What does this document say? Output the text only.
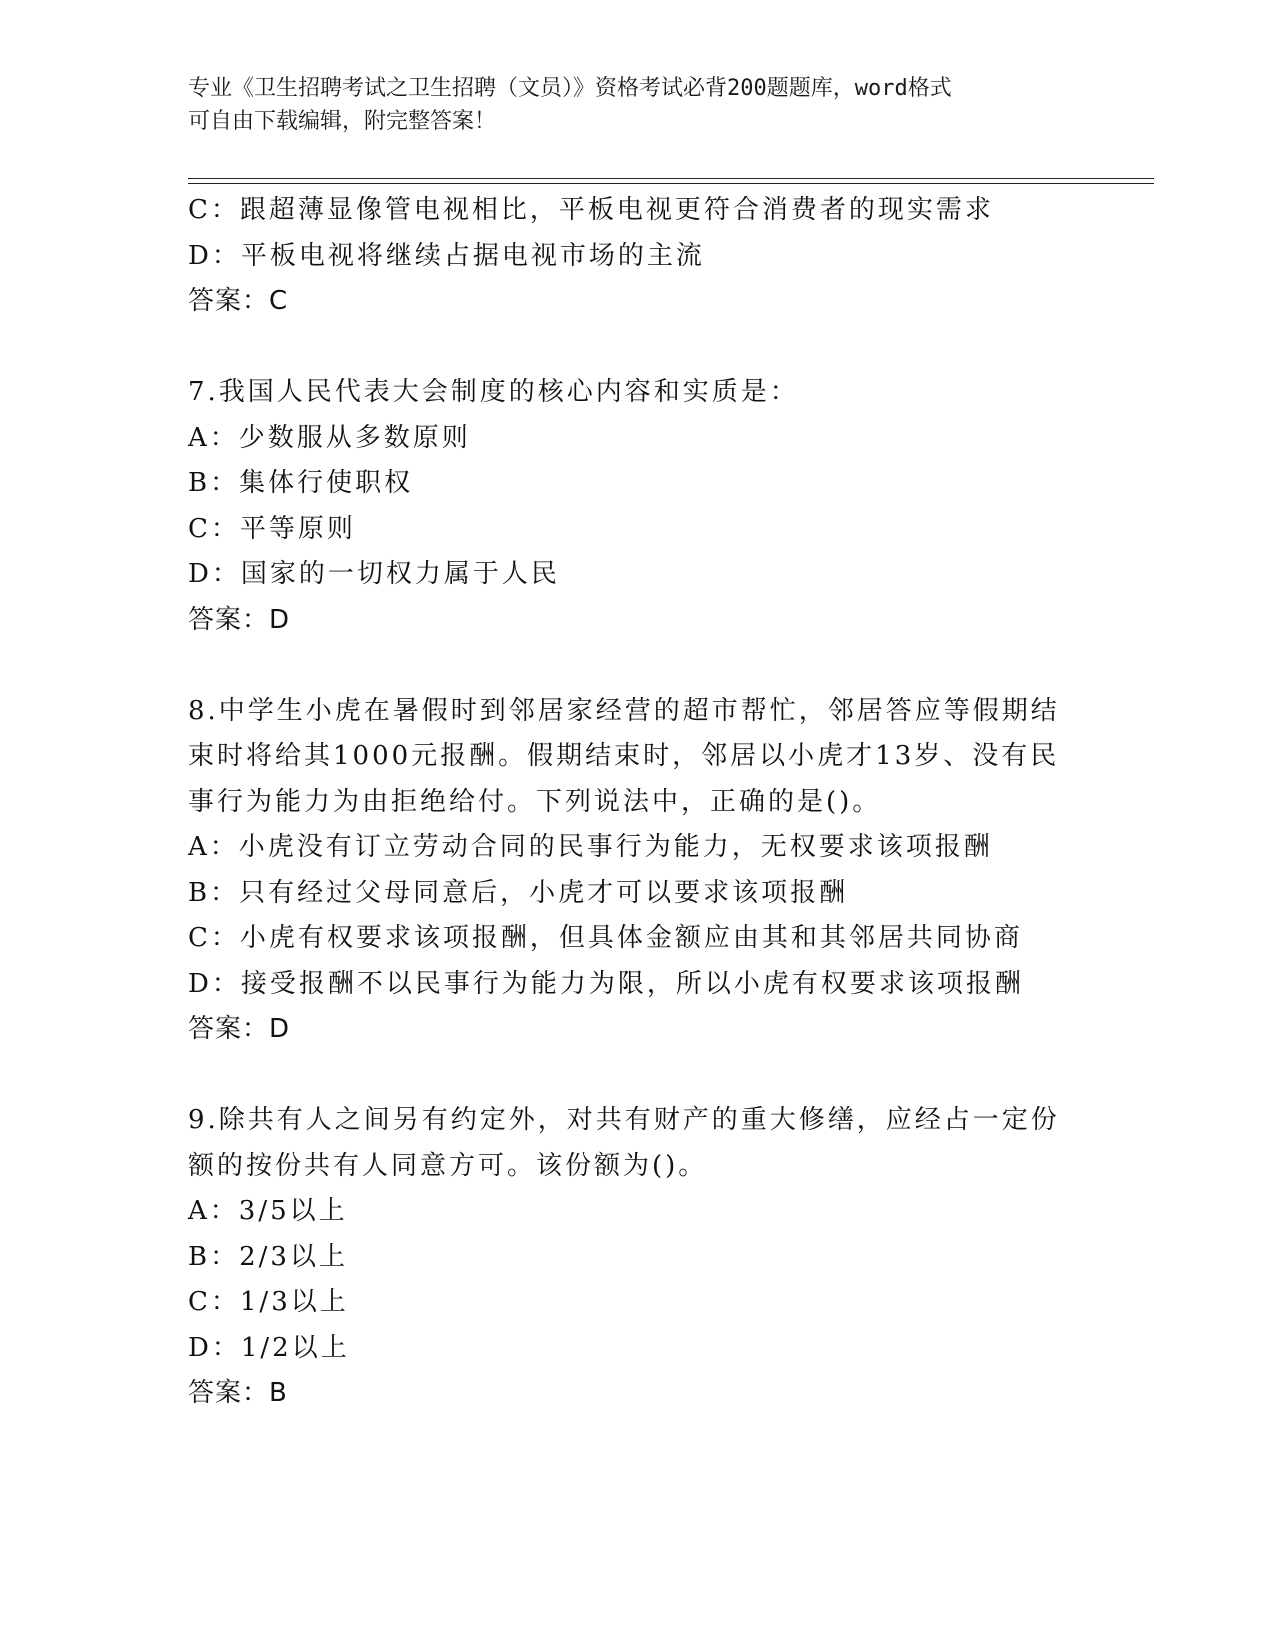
专业《卫生招聘考试之卫生招聘（文员）》资格考试必背200题题库，word格式
可自由下载编辑，附完整答案！
C：跟超薄显像管电视相比，平板电视更符合消费者的现实需求
D：平板电视将继续占据电视市场的主流
答案：C
7.我国人民代表大会制度的核心内容和实质是：
A：少数服从多数原则
B：集体行使职权
C：平等原则
D：国家的一切权力属于人民
答案：D
8.中学生小虎在暑假时到邻居家经营的超市帮忙，邻居答应等假期结
束时将给其1000元报酬。假期结束时，邻居以小虎才13岁、没有民
事行为能力为由拒绝给付。下列说法中，正确的是()。
A：小虎没有订立劳动合同的民事行为能力，无权要求该项报酬
B：只有经过父母同意后，小虎才可以要求该项报酬
C：小虎有权要求该项报酬，但具体金额应由其和其邻居共同协商
D：接受报酬不以民事行为能力为限，所以小虎有权要求该项报酬
答案：D
9.除共有人之间另有约定外，对共有财产的重大修缮，应经占一定份
额的按份共有人同意方可。该份额为()。
A：3/5以上
B：2/3以上
C：1/3以上
D：1/2以上
答案：B
